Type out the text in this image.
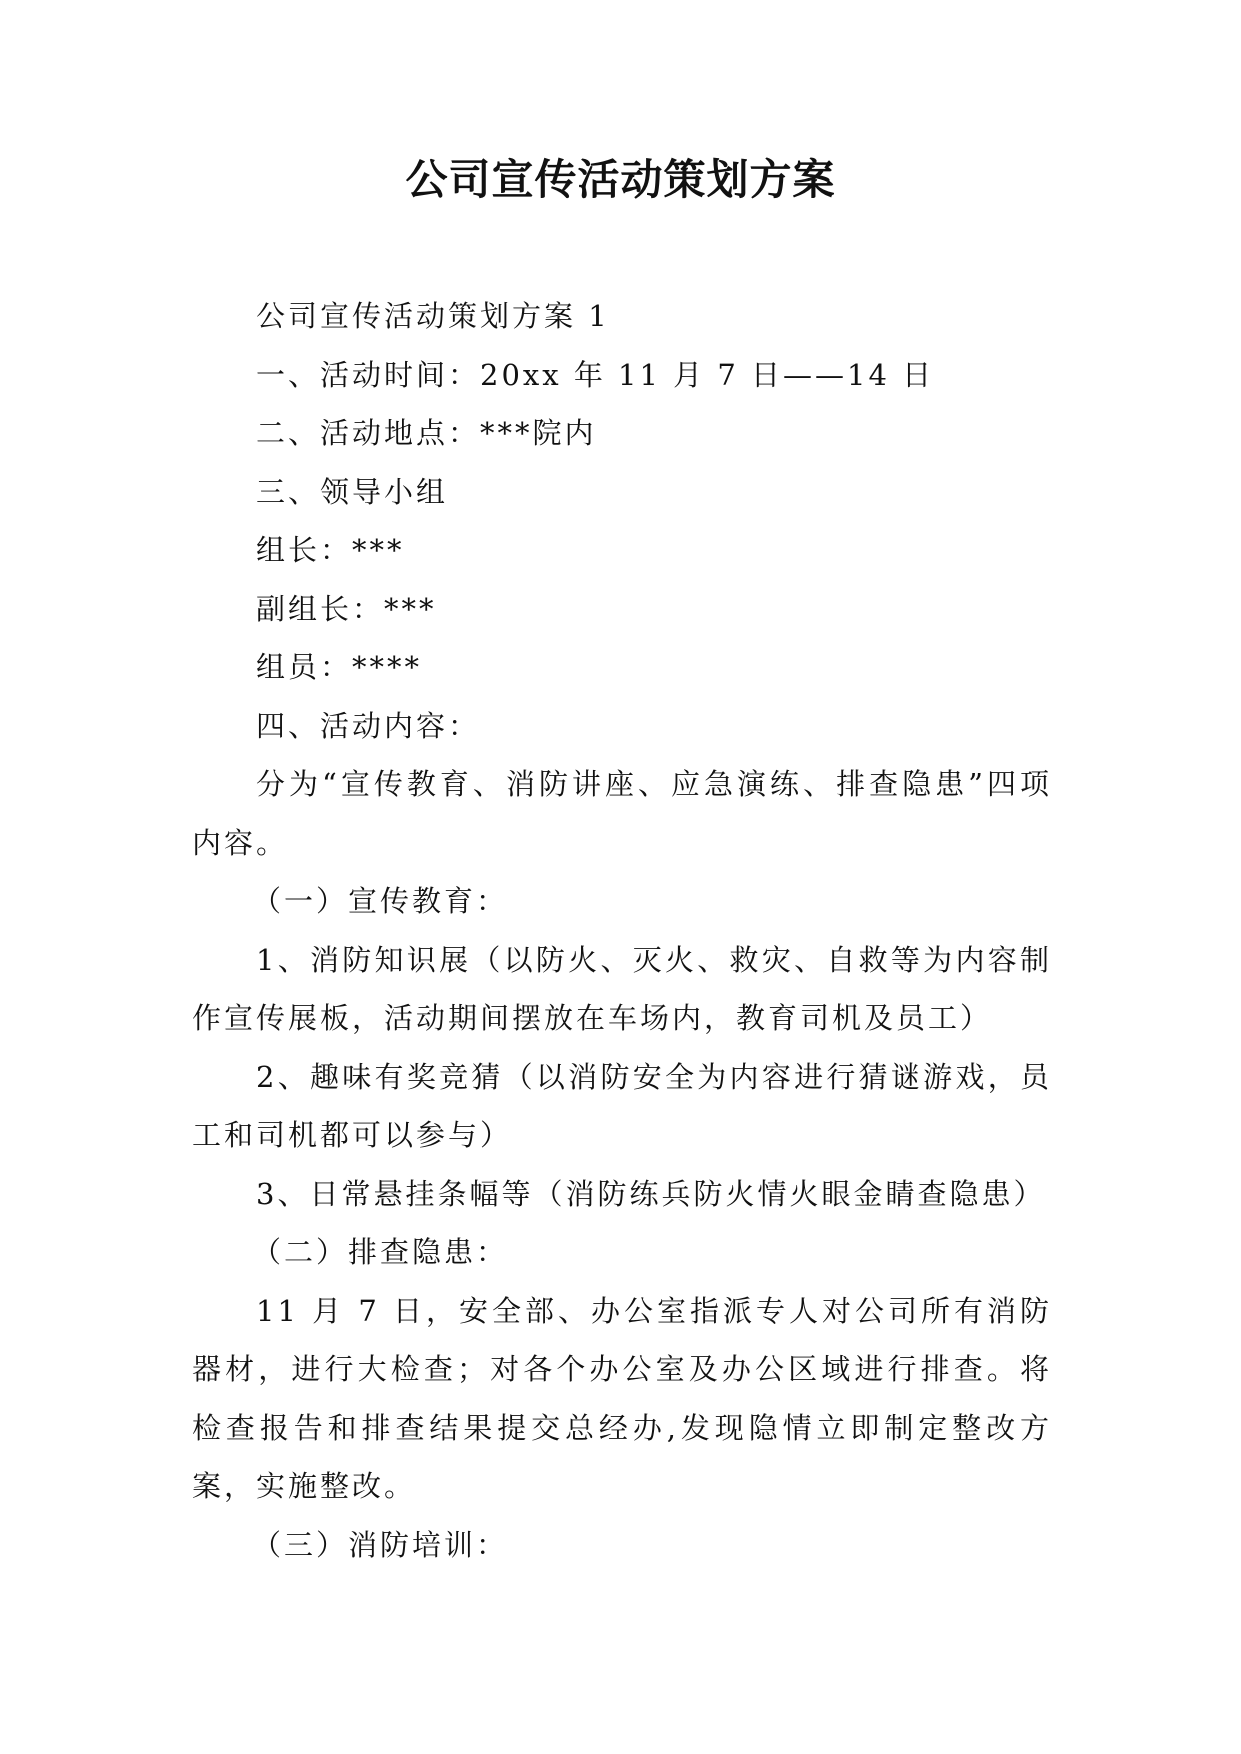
公司宣传活动策划方案

公司宣传活动策划方案 1

一、活动时间：20xx 年 11 月 7 日——14 日

二、活动地点：***院内

三、领导小组

组长：***

副组长：***

组员：****

四、活动内容：

分为“宣传教育、消防讲座、应急演练、排查隐患”四项内容。

（一）宣传教育：

1、消防知识展（以防火、灭火、救灾、自救等为内容制作宣传展板，活动期间摆放在车场内，教育司机及员工）

2、趣味有奖竞猜（以消防安全为内容进行猜谜游戏，员工和司机都可以参与）

3、日常悬挂条幅等（消防练兵防火情火眼金睛查隐患）

（二）排查隐患：

11 月 7 日，安全部、办公室指派专人对公司所有消防器材，进行大检查；对各个办公室及办公区域进行排查。将检查报告和排查结果提交总经办,发现隐情立即制定整改方案，实施整改。

（三）消防培训：
